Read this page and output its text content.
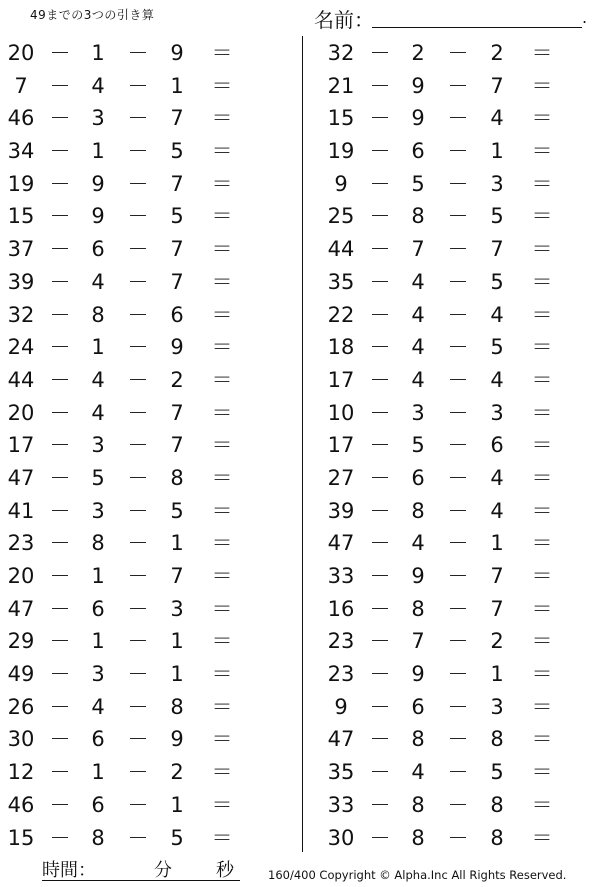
49までの3つの引き算	名前：	.
20 － 1 － 9 ＝
7	－ 4 － 1 ＝
46 － 3 － 7 ＝
34 － 1 － 5 ＝
19 － 9 － 7 ＝
15 － 9 － 5 ＝
37 － 6 － 7 ＝
39 － 4 － 7 ＝
32 － 8 － 6 ＝
24 － 1 － 9 ＝
44 － 4 － 2 ＝
20 － 4 － 7 ＝
17 － 3 － 7 ＝
47 － 5 － 8 ＝
41 － 3 － 5 ＝
23 － 8 － 1 ＝
20 － 1 － 7 ＝
47 － 6 － 3 ＝
29 － 1 － 1 ＝
49 － 3 － 1 ＝
26 － 4 － 8 ＝
30 － 6 － 9 ＝
12 － 1 － 2 ＝
46 － 6 － 1 ＝
15 － 8 － 5 ＝
32 － 2 － 2 ＝
21 － 9 － 7 ＝
15 － 9 － 4 ＝
19 － 6 － 1 ＝
9	－ 5 － 3 ＝
25 － 8 － 5 ＝
44 － 7 － 7 ＝
35 － 4 － 5 ＝
22 － 4 － 4 ＝
18 － 4 － 5 ＝
17 － 4 － 4 ＝
10 － 3 － 3 ＝
17 － 5 － 6 ＝
27 － 6 － 4 ＝
39 － 8 － 4 ＝
47 － 4 － 1 ＝
33 － 9 － 7 ＝
16 － 8 － 7 ＝
23 － 7 － 2 ＝
23 － 9 － 1 ＝
9	－ 6 － 3 ＝
47 － 8 － 8 ＝
35 － 4 － 5 ＝
33 － 8 － 8 ＝
30 － 8 － 8 ＝
時間：	分 秒	160/400 Copyright © Alpha.Inc All Rights Reserved.
